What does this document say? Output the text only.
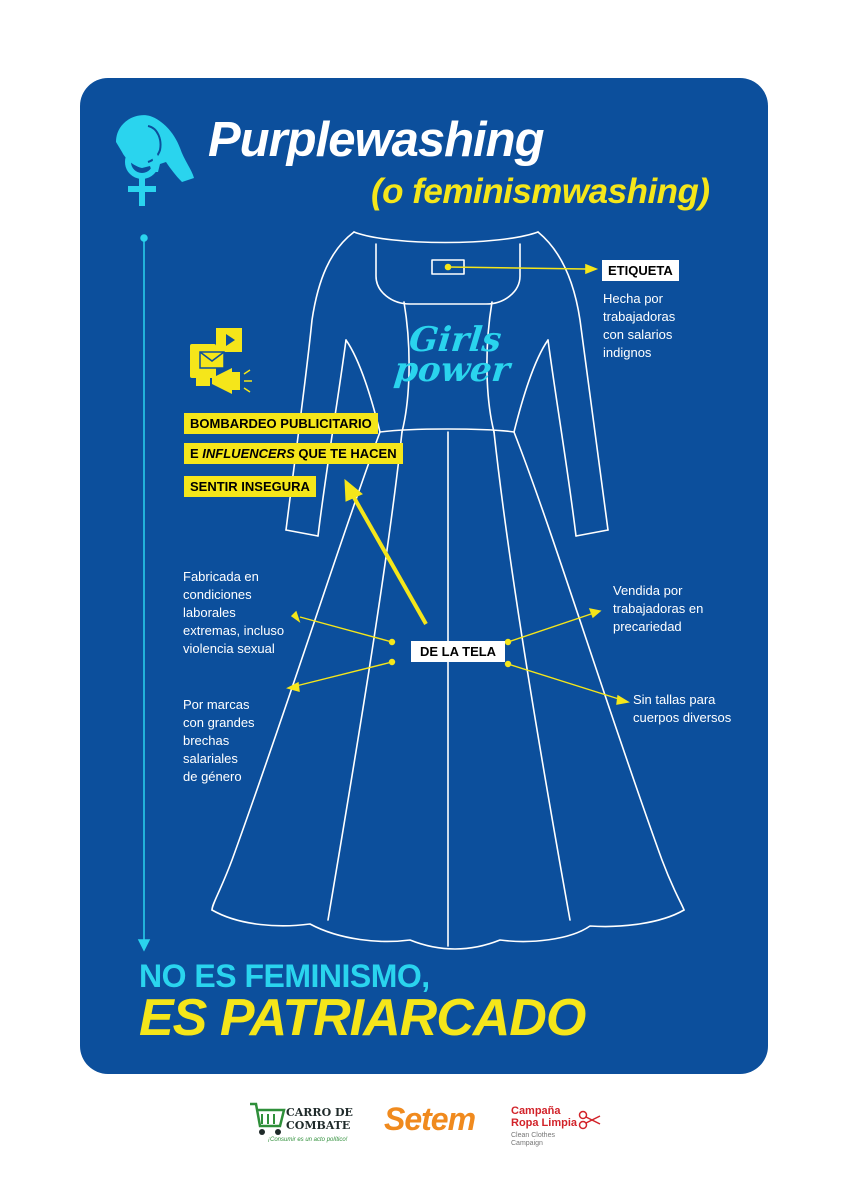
Purplewashing
(o feminismwashing)
Girls
power
ETIQUETA
Hecha por
trabajadoras
con salarios
indignos
BOMBARDEO PUBLICITARIO
E INFLUENCERS QUE TE HACEN
SENTIR INSEGURA
DE LA TELA
Fabricada en
condiciones
laborales
extremas, incluso
violencia sexual
Por marcas
con grandes
brechas
salariales
de género
Vendida por
trabajadoras en
precariedad
Sin tallas para
cuerpos diversos
NO ES FEMINISMO,
ES PATRIARCADO
CARRO DE
COMBATE
¡Consumir es un acto político!
Setem	Campaña
Ropa Limpia
Clean Clothes
Campaign
